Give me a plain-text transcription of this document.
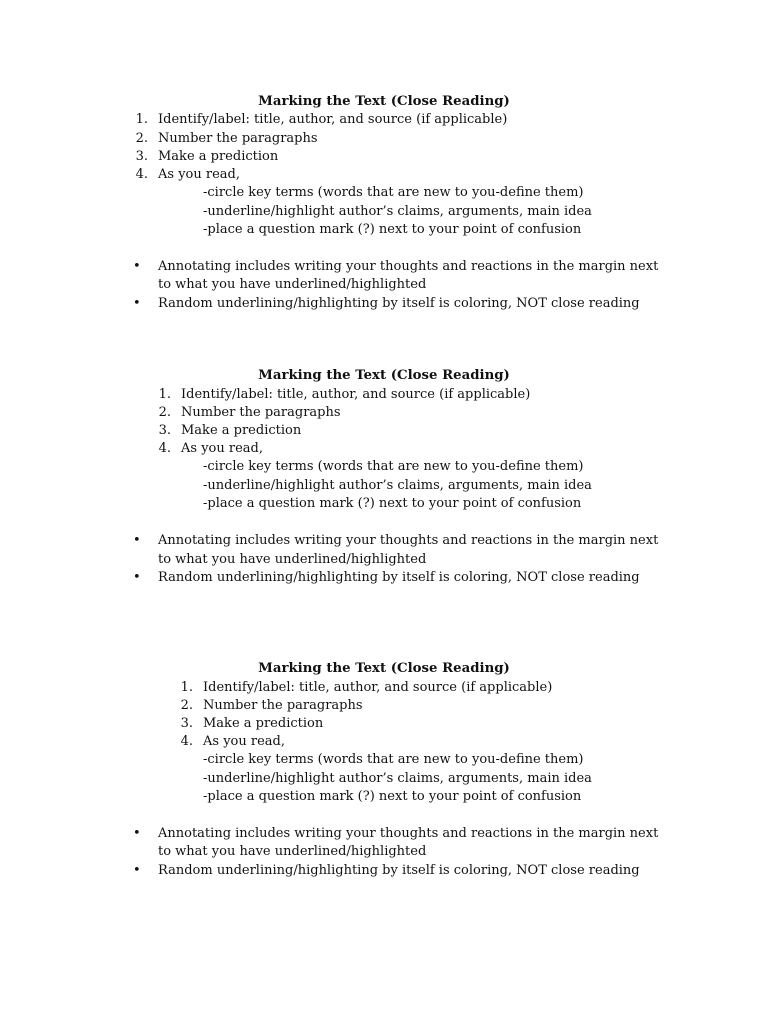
Marking the Text (Close Reading)
1. Identify/label: title, author, and source (if applicable)
2. Number the paragraphs
3. Make a prediction
4. As you read,
-circle key terms (words that are new to you-define them)
-underline/highlight author’s claims, arguments, main idea
-place a question mark (?) next to your point of confusion
• Annotating includes writing your thoughts and reactions in the margin next
to what you have underlined/highlighted
• Random underlining/highlighting by itself is coloring, NOT close reading
Marking the Text (Close Reading)
1. Identify/label: title, author, and source (if applicable)
2. Number the paragraphs
3. Make a prediction
4. As you read,
-circle key terms (words that are new to you-define them)
-underline/highlight author’s claims, arguments, main idea
-place a question mark (?) next to your point of confusion
• Annotating includes writing your thoughts and reactions in the margin next
to what you have underlined/highlighted
• Random underlining/highlighting by itself is coloring, NOT close reading
Marking the Text (Close Reading)
1. Identify/label: title, author, and source (if applicable)
2. Number the paragraphs
3. Make a prediction
4. As you read,
-circle key terms (words that are new to you-define them)
-underline/highlight author’s claims, arguments, main idea
-place a question mark (?) next to your point of confusion
• Annotating includes writing your thoughts and reactions in the margin next
to what you have underlined/highlighted
• Random underlining/highlighting by itself is coloring, NOT close reading
